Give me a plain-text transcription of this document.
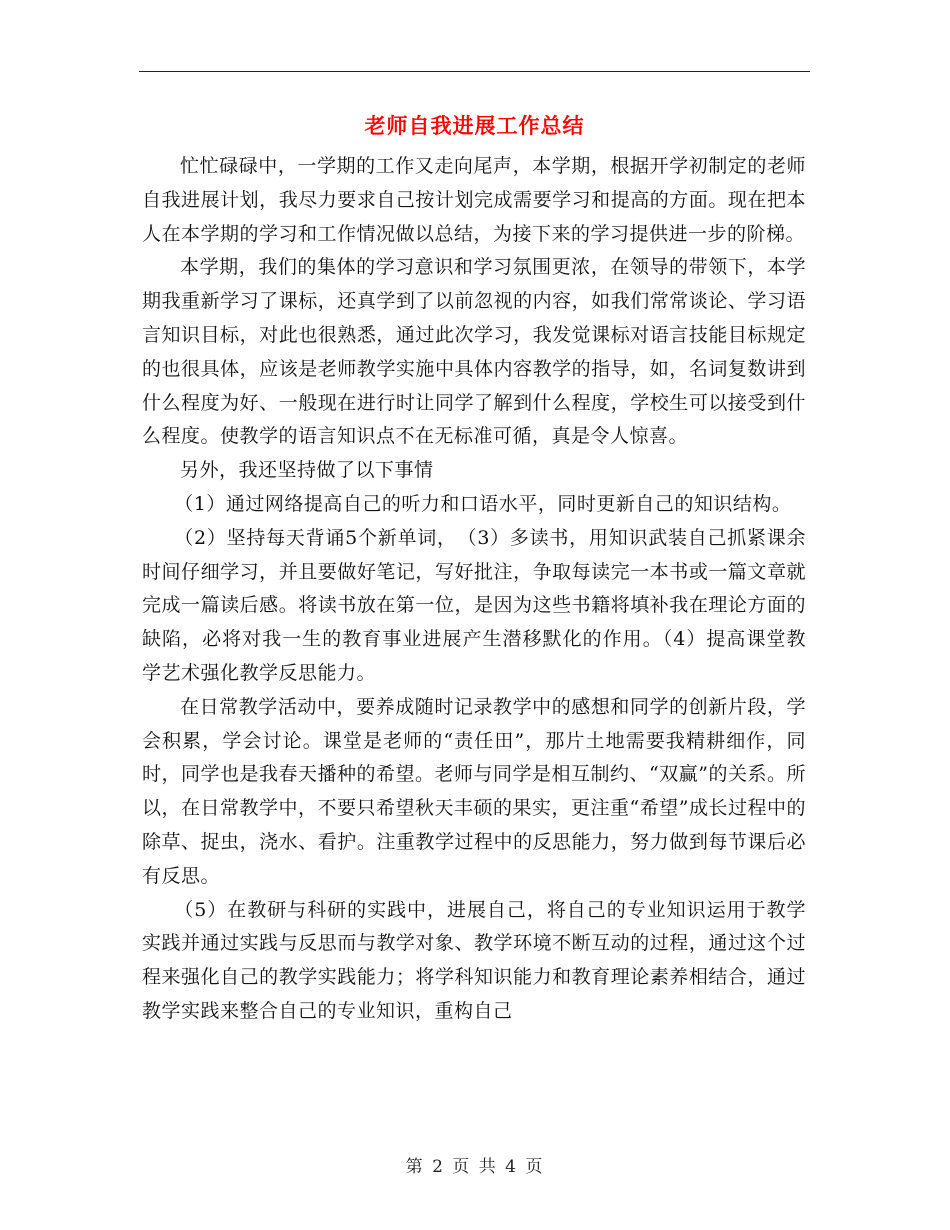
老师自我进展工作总结

忙忙碌碌中，一学期的工作又走向尾声，本学期，根据开学初制定的老师自我进展计划，我尽力要求自己按计划完成需要学习和提高的方面。现在把本人在本学期的学习和工作情况做以总结，为接下来的学习提供进一步的阶梯。

本学期，我们的集体的学习意识和学习氛围更浓，在领导的带领下，本学期我重新学习了课标，还真学到了以前忽视的内容，如我们常常谈论、学习语言知识目标，对此也很熟悉，通过此次学习，我发觉课标对语言技能目标规定的也很具体，应该是老师教学实施中具体内容教学的指导，如，名词复数讲到什么程度为好、一般现在进行时让同学了解到什么程度，学校生可以接受到什么程度。使教学的语言知识点不在无标准可循，真是令人惊喜。

另外，我还坚持做了以下事情

（1）通过网络提高自己的听力和口语水平，同时更新自己的知识结构。

（2）坚持每天背诵5个新单词，　（3）多读书，用知识武装自己抓紧课余时间仔细学习，并且要做好笔记，写好批注，争取每读完一本书或一篇文章就完成一篇读后感。将读书放在第一位，是因为这些书籍将填补我在理论方面的缺陷，必将对我一生的教育事业进展产生潜移默化的作用。（4）提高课堂教学艺术强化教学反思能力。

在日常教学活动中，要养成随时记录教学中的感想和同学的创新片段，学会积累，学会讨论。课堂是老师的“责任田”，那片土地需要我精耕细作，同时，同学也是我春天播种的希望。老师与同学是相互制约、“双赢”的关系。所以，在日常教学中，不要只希望秋天丰硕的果实，更注重“希望”成长过程中的除草、捉虫，浇水、看护。注重教学过程中的反思能力，努力做到每节课后必有反思。

（5）在教研与科研的实践中，进展自己，将自己的专业知识运用于教学实践并通过实践与反思而与教学对象、教学环境不断互动的过程，通过这个过程来强化自己的教学实践能力；将学科知识能力和教育理论素养相结合，通过教学实践来整合自己的专业知识，重构自己

第 2 页 共 4 页
